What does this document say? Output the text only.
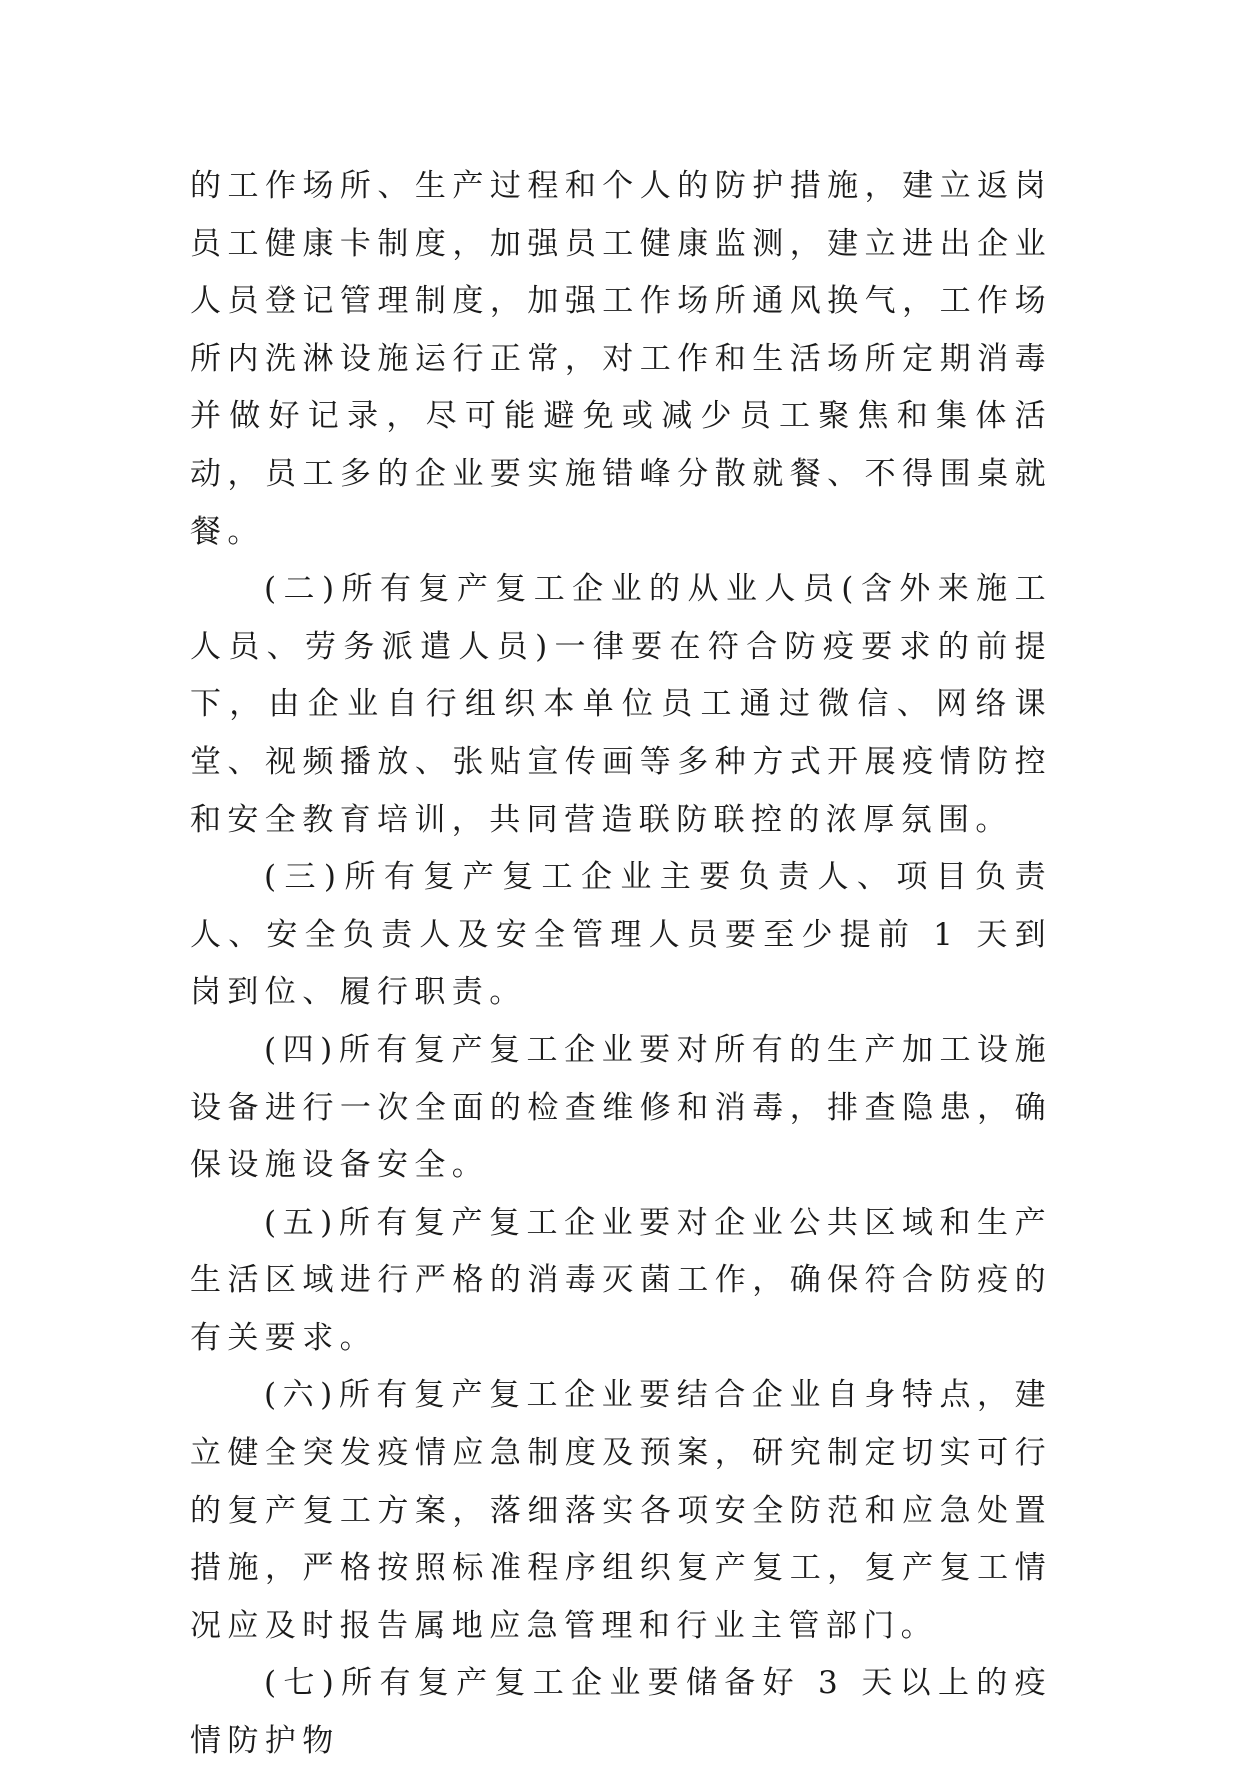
的工作场所、生产过程和个人的防护措施，建立返岗员工健康卡制度，加强员工健康监测，建立进出企业人员登记管理制度，加强工作场所通风换气，工作场所内洗淋设施运行正常，对工作和生活场所定期消毒并做好记录，尽可能避免或减少员工聚焦和集体活动，员工多的企业要实施错峰分散就餐、不得围桌就餐。

(二)所有复产复工企业的从业人员(含外来施工人员、劳务派遣人员)一律要在符合防疫要求的前提下，由企业自行组织本单位员工通过微信、网络课堂、视频播放、张贴宣传画等多种方式开展疫情防控和安全教育培训，共同营造联防联控的浓厚氛围。

(三)所有复产复工企业主要负责人、项目负责人、安全负责人及安全管理人员要至少提前 1 天到岗到位、履行职责。

(四)所有复产复工企业要对所有的生产加工设施设备进行一次全面的检查维修和消毒，排查隐患，确保设施设备安全。

(五)所有复产复工企业要对企业公共区域和生产生活区域进行严格的消毒灭菌工作，确保符合防疫的有关要求。

(六)所有复产复工企业要结合企业自身特点，建立健全突发疫情应急制度及预案，研究制定切实可行的复产复工方案，落细落实各项安全防范和应急处置措施，严格按照标准程序组织复产复工，复产复工情况应及时报告属地应急管理和行业主管部门。

(七)所有复产复工企业要储备好 3 天以上的疫情防护物
